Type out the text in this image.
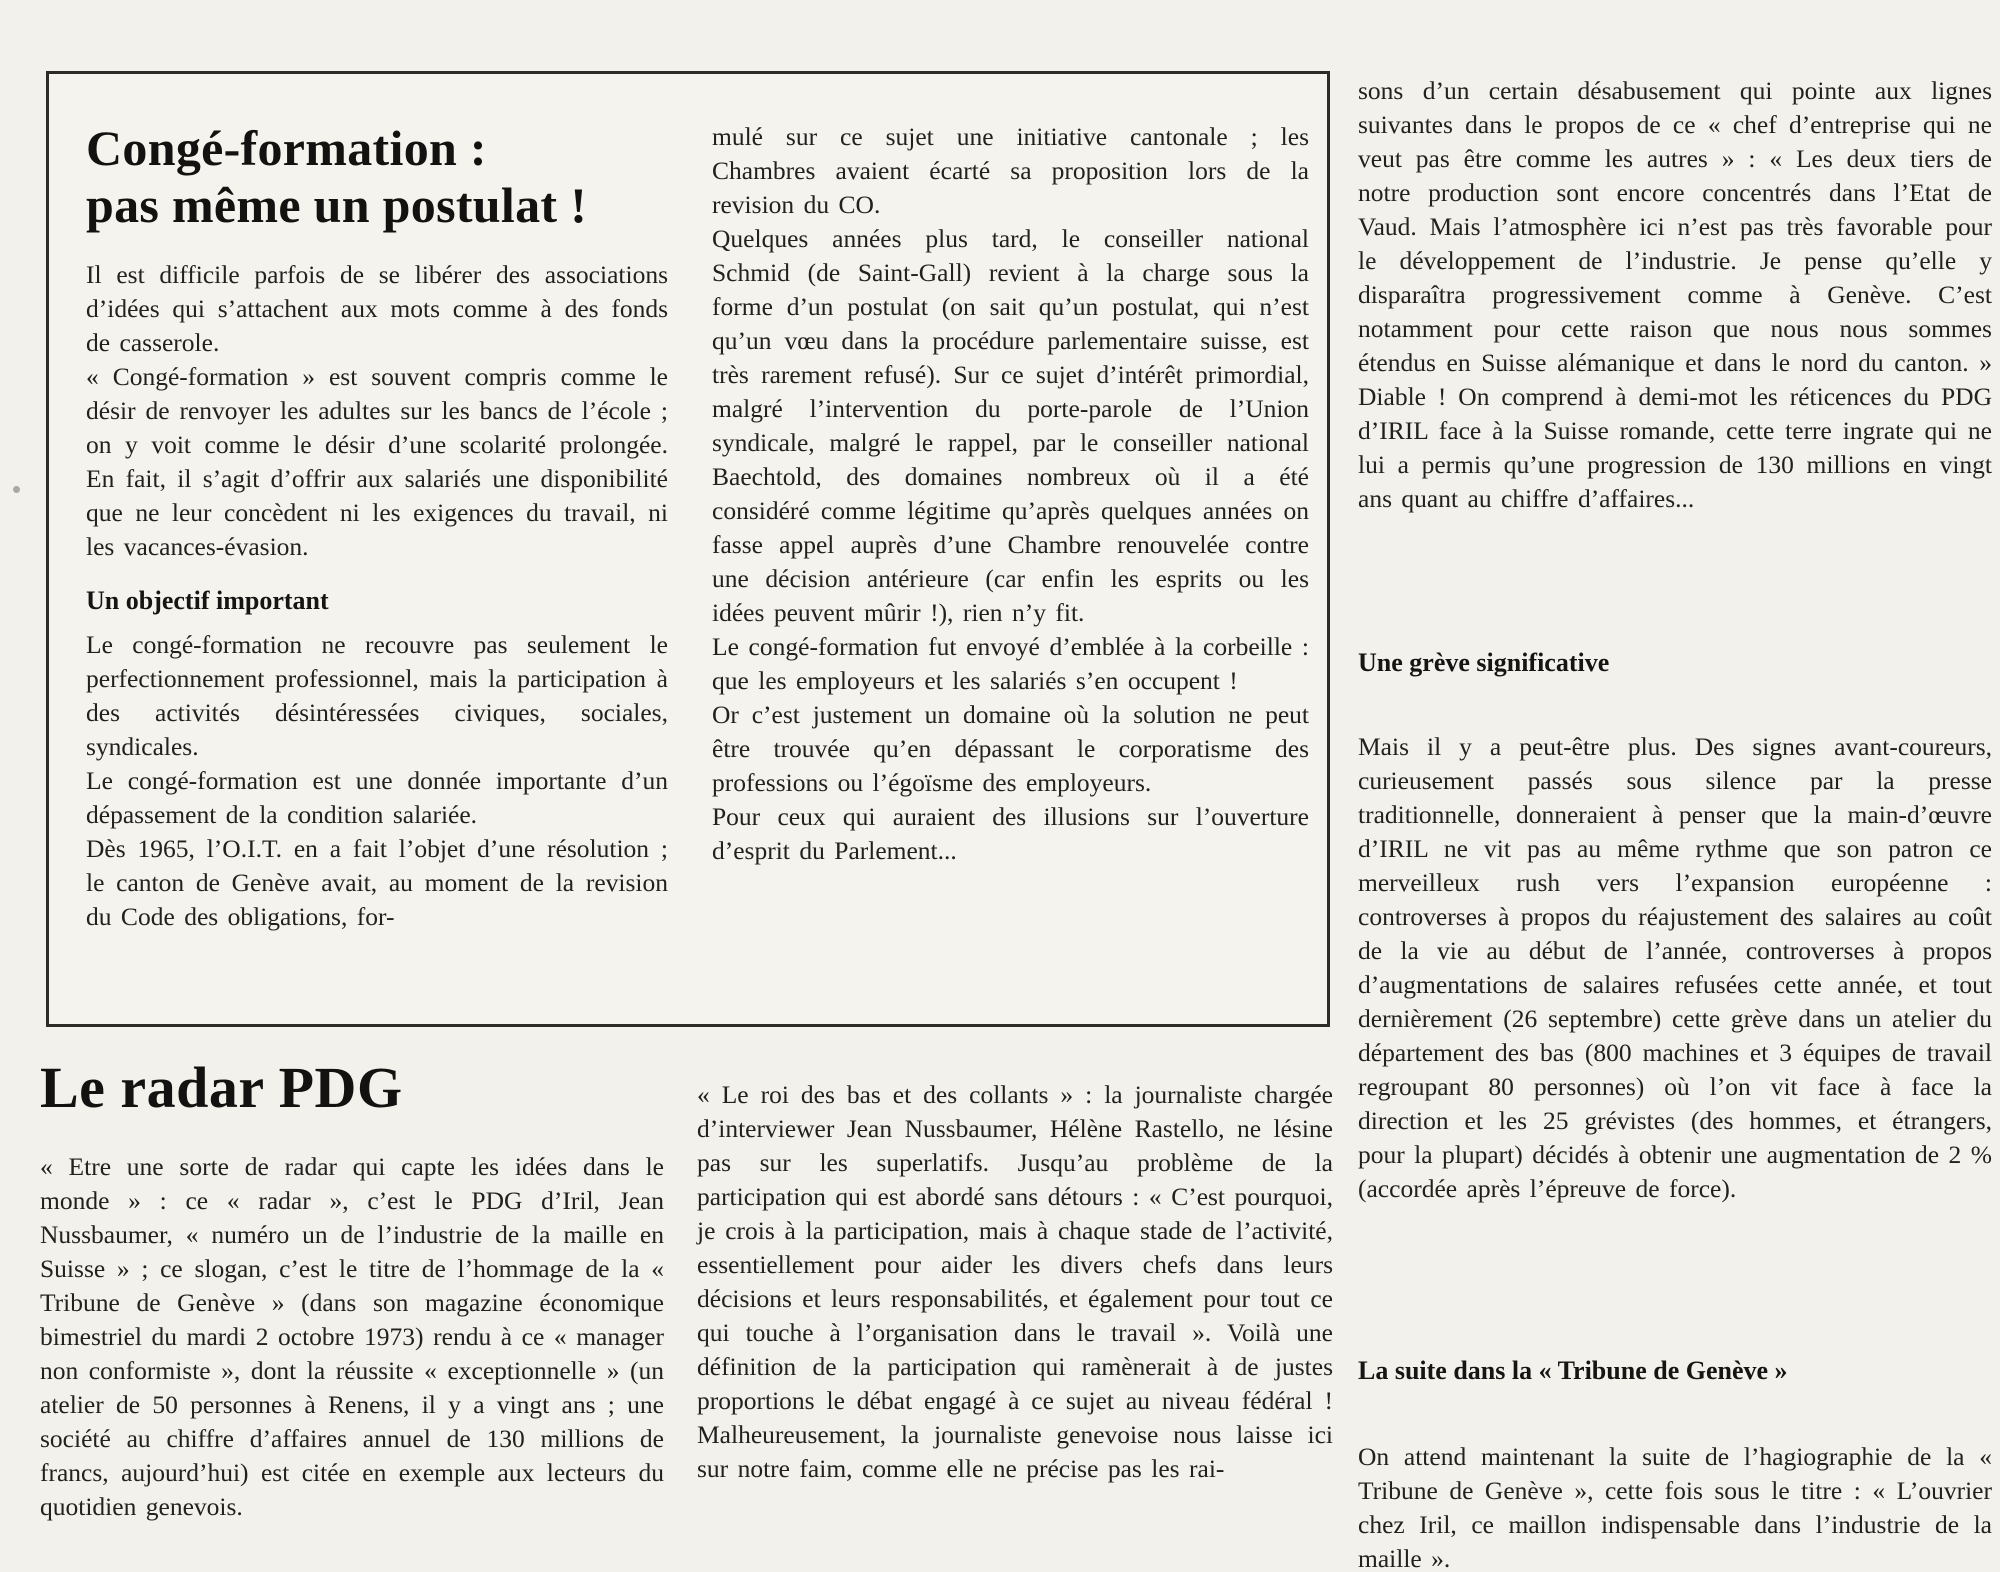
Congé-formation :
pas même un postulat !

Il est difficile parfois de se libérer des associations d’idées qui s’attachent aux mots comme à des fonds de casserole.

« Congé-formation » est souvent compris comme le désir de renvoyer les adultes sur les bancs de l’école ; on y voit comme le désir d’une scolarité prolongée. En fait, il s’agit d’offrir aux salariés une disponibilité que ne leur concèdent ni les exigences du travail, ni les vacances-évasion.

Un objectif important

Le congé-formation ne recouvre pas seulement le perfectionnement professionnel, mais la participation à des activités désintéressées civiques, sociales, syndicales.

Le congé-formation est une donnée importante d’un dépassement de la condition salariée.

Dès 1965, l’O.I.T. en a fait l’objet d’une résolution ; le canton de Genève avait, au moment de la revision du Code des obligations, for-

mulé sur ce sujet une initiative cantonale ; les Chambres avaient écarté sa proposition lors de la revision du CO.

Quelques années plus tard, le conseiller national Schmid (de Saint-Gall) revient à la charge sous la forme d’un postulat (on sait qu’un postulat, qui n’est qu’un vœu dans la procédure parlementaire suisse, est très rarement refusé). Sur ce sujet d’intérêt primordial, malgré l’intervention du porte-parole de l’Union syndicale, malgré le rappel, par le conseiller national Baechtold, des domaines nombreux où il a été considéré comme légitime qu’après quelques années on fasse appel auprès d’une Chambre renouvelée contre une décision antérieure (car enfin les esprits ou les idées peuvent mûrir !), rien n’y fit.

Le congé-formation fut envoyé d’emblée à la corbeille : que les employeurs et les salariés s’en occupent !

Or c’est justement un domaine où la solution ne peut être trouvée qu’en dépassant le corporatisme des professions ou l’égoïsme des employeurs.

Pour ceux qui auraient des illusions sur l’ouverture d’esprit du Parlement...

Le radar PDG

« Etre une sorte de radar qui capte les idées dans le monde » : ce « radar », c’est le PDG d’Iril, Jean Nussbaumer, « numéro un de l’industrie de la maille en Suisse » ; ce slogan, c’est le titre de l’hommage de la « Tribune de Genève » (dans son magazine économique bimestriel du mardi 2 octobre 1973) rendu à ce « manager non conformiste », dont la réussite « exceptionnelle » (un atelier de 50 personnes à Renens, il y a vingt ans ; une société au chiffre d’affaires annuel de 130 millions de francs, aujourd’hui) est citée en exemple aux lecteurs du quotidien genevois.

« Le roi des bas et des collants » : la journaliste chargée d’interviewer Jean Nussbaumer, Hélène Rastello, ne lésine pas sur les superlatifs. Jusqu’au problème de la participation qui est abordé sans détours : « C’est pourquoi, je crois à la participation, mais à chaque stade de l’activité, essentiellement pour aider les divers chefs dans leurs décisions et leurs responsabilités, et également pour tout ce qui touche à l’organisation dans le travail ». Voilà une définition de la participation qui ramènerait à de justes proportions le débat engagé à ce sujet au niveau fédéral ! Malheureusement, la journaliste genevoise nous laisse ici sur notre faim, comme elle ne précise pas les rai-

sons d’un certain désabusement qui pointe aux lignes suivantes dans le propos de ce « chef d’entreprise qui ne veut pas être comme les autres » : « Les deux tiers de notre production sont encore concentrés dans l’Etat de Vaud. Mais l’atmosphère ici n’est pas très favorable pour le développement de l’industrie. Je pense qu’elle y disparaîtra progressivement comme à Genève. C’est notamment pour cette raison que nous nous sommes étendus en Suisse alémanique et dans le nord du canton. » Diable ! On comprend à demi-mot les réticences du PDG d’IRIL face à la Suisse romande, cette terre ingrate qui ne lui a permis qu’une progression de 130 millions en vingt ans quant au chiffre d’affaires...

Une grève significative

Mais il y a peut-être plus. Des signes avant-coureurs, curieusement passés sous silence par la presse traditionnelle, donneraient à penser que la main-d’œuvre d’IRIL ne vit pas au même rythme que son patron ce merveilleux rush vers l’expansion européenne : controverses à propos du réajustement des salaires au coût de la vie au début de l’année, controverses à propos d’augmentations de salaires refusées cette année, et tout dernièrement (26 septembre) cette grève dans un atelier du département des bas (800 machines et 3 équipes de travail regroupant 80 personnes) où l’on vit face à face la direction et les 25 grévistes (des hommes, et étrangers, pour la plupart) décidés à obtenir une augmentation de 2 % (accordée après l’épreuve de force).

La suite dans la « Tribune de Genève »

On attend maintenant la suite de l’hagiographie de la « Tribune de Genève », cette fois sous le titre : « L’ouvrier chez Iril, ce maillon indispensable dans l’industrie de la maille ».
